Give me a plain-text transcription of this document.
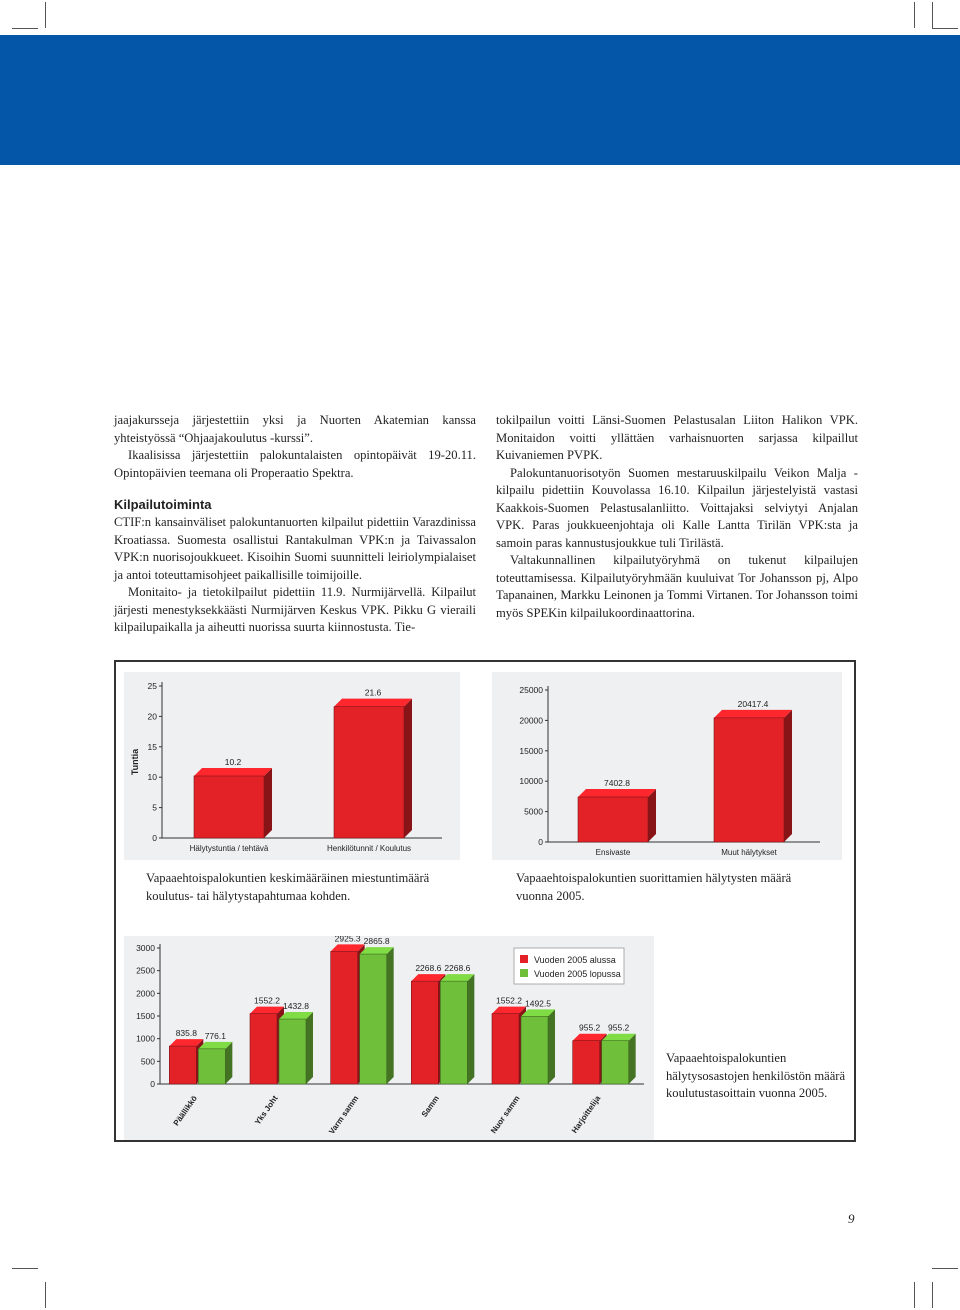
jaajakursseja järjestettiin yksi ja Nuorten Akatemian kanssa yhteistyössä “Ohjaajakoulutus -kurssi”.

Ikaalisissa järjestettiin palokuntalaisten opintopäivät 19-20.11. Opintopäivien teemana oli Properaatio Spektra.

Kilpailutoiminta

CTIF:n kansainväliset palokuntanuorten kilpailut pidettiin Varazdinissa Kroatiassa. Suomesta osallistui Rantakulman VPK:n ja Taivassalon VPK:n nuorisojoukkueet. Kisoihin Suomi suunnitteli leiriolympialaiset ja antoi toteuttamisohjeet paikallisille toimijoille.

Monitaito- ja tietokilpailut pidettiin 11.9. Nurmijärvellä. Kilpailut järjesti menestyksekkäästi Nurmijärven Keskus VPK. Pikku G vieraili kilpailupaikalla ja aiheutti nuorissa suurta kiinnostusta. Tie-

tokilpailun voitti Länsi-Suomen Pelastusalan Liiton Halikon VPK. Monitaidon voitti yllättäen varhaisnuorten sarjassa kilpaillut Kuivaniemen PVPK.

Palokuntanuorisotyön Suomen mestaruuskilpailu Veikon Malja -kilpailu pidettiin Kouvolassa 16.10. Kilpailun järjestelyistä vastasi Kaakkois-Suomen Pelastusalanliitto. Voittajaksi selviytyi Anjalan VPK. Paras joukkueenjohtaja oli Kalle Lantta Tirilän VPK:sta ja samoin paras kannustusjoukkue tuli Tirilästä.

Valtakunnallinen kilpailutyöryhmä on tukenut kilpailujen toteuttamisessa. Kilpailutyöryhmään kuuluivat Tor Johansson pj, Alpo Tapanainen, Markku Leinonen ja Tommi Virtanen. Tor Johansson toimi myös SPEKin kilpailukoordinaattorina.

0
5
10
15
20
25
Tuntia	10.2
Hälytystuntia / tehtävä
21.6
Henkilötunnit / Koulutus
0
5000
10000
15000
20000
25000
7402.8
Ensivaste
20417.4
Muut hälytykset
Vapaaehtoispalokuntien keskimääräinen miestuntimäärä koulutus- tai hälytystapahtumaa kohden.
Vapaaehtoispalokuntien suorittamien hälytysten määrä vuonna 2005.
0
500
1000
1500
2000
2500
3000
835.8 776.1
Päällikkö
1552.2
1432.8
Yks Joht
2925.3 2865.8
Varm samm
2268.6 2268.6
Samm
1552.2 1492.5
Nuor samm
955.2 955.2
Harjoittelija
Vuoden 2005 alussa
Vuoden 2005 lopussa
Vapaaehtoispalokuntien hälytysosastojen henkilöstön määrä koulutustasoittain vuonna 2005.
9
